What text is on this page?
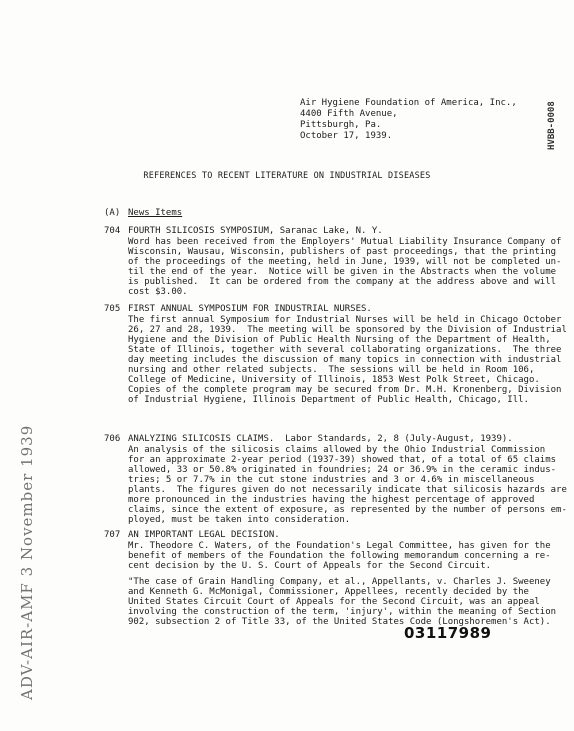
ADV-AIR-AMF 3 November 1939
HVBB-0008
Air Hygiene Foundation of America, Inc.,
4400 Fifth Avenue,
Pittsburgh, Pa.
October 17, 1939.
REFERENCES TO RECENT LITERATURE ON INDUSTRIAL DISEASES
(A) News Items
704 FOURTH SILICOSIS SYMPOSIUM, Saranac Lake, N. Y.
Word has been received from the Employers' Mutual Liability Insurance Company of
Wisconsin, Wausau, Wisconsin, publishers of past proceedings, that the printing
of the proceedings of the meeting, held in June, 1939, will not be completed un-
til the end of the year.  Notice will be given in the Abstracts when the volume
is published.  It can be ordered from the company at the address above and will
cost $3.00.
705 FIRST ANNUAL SYMPOSIUM FOR INDUSTRIAL NURSES.
The first annual Symposium for Industrial Nurses will be held in Chicago October
26, 27 and 28, 1939.  The meeting will be sponsored by the Division of Industrial
Hygiene and the Division of Public Health Nursing of the Department of Health,
State of Illinois, together with several collaborating organizations.  The three
day meeting includes the discussion of many topics in connection with industrial
nursing and other related subjects.  The sessions will be held in Room 106,
College of Medicine, University of Illinois, 1853 West Polk Street, Chicago.
Copies of the complete program may be secured from Dr. M.H. Kronenberg, Division
of Industrial Hygiene, Illinois Department of Public Health, Chicago, Ill.
706 ANALYZING SILICOSIS CLAIMS.  Labor Standards, 2, 8 (July-August, 1939).
An analysis of the silicosis claims allowed by the Ohio Industrial Commission
for an approximate 2-year period (1937-39) showed that, of a total of 65 claims
allowed, 33 or 50.8% originated in foundries; 24 or 36.9% in the ceramic indus-
tries; 5 or 7.7% in the cut stone industries and 3 or 4.6% in miscellaneous
plants.  The figures given do not necessarily indicate that silicosis hazards are
more pronounced in the industries having the highest percentage of approved
claims, since the extent of exposure, as represented by the number of persons em-
ployed, must be taken into consideration.
707 AN IMPORTANT LEGAL DECISION.
Mr. Theodore C. Waters, of the Foundation's Legal Committee, has given for the
benefit of members of the Foundation the following memorandum concerning a re-
cent decision by the U. S. Court of Appeals for the Second Circuit.
"The case of Grain Handling Company, et al., Appellants, v. Charles J. Sweeney
and Kenneth G. McMonigal, Commissioner, Appellees, recently decided by the
United States Circuit Court of Appeals for the Second Circuit, was an appeal
involving the construction of the term, 'injury', within the meaning of Section
902, subsection 2 of Title 33, of the United States Code (Longshoremen's Act).
03117989
